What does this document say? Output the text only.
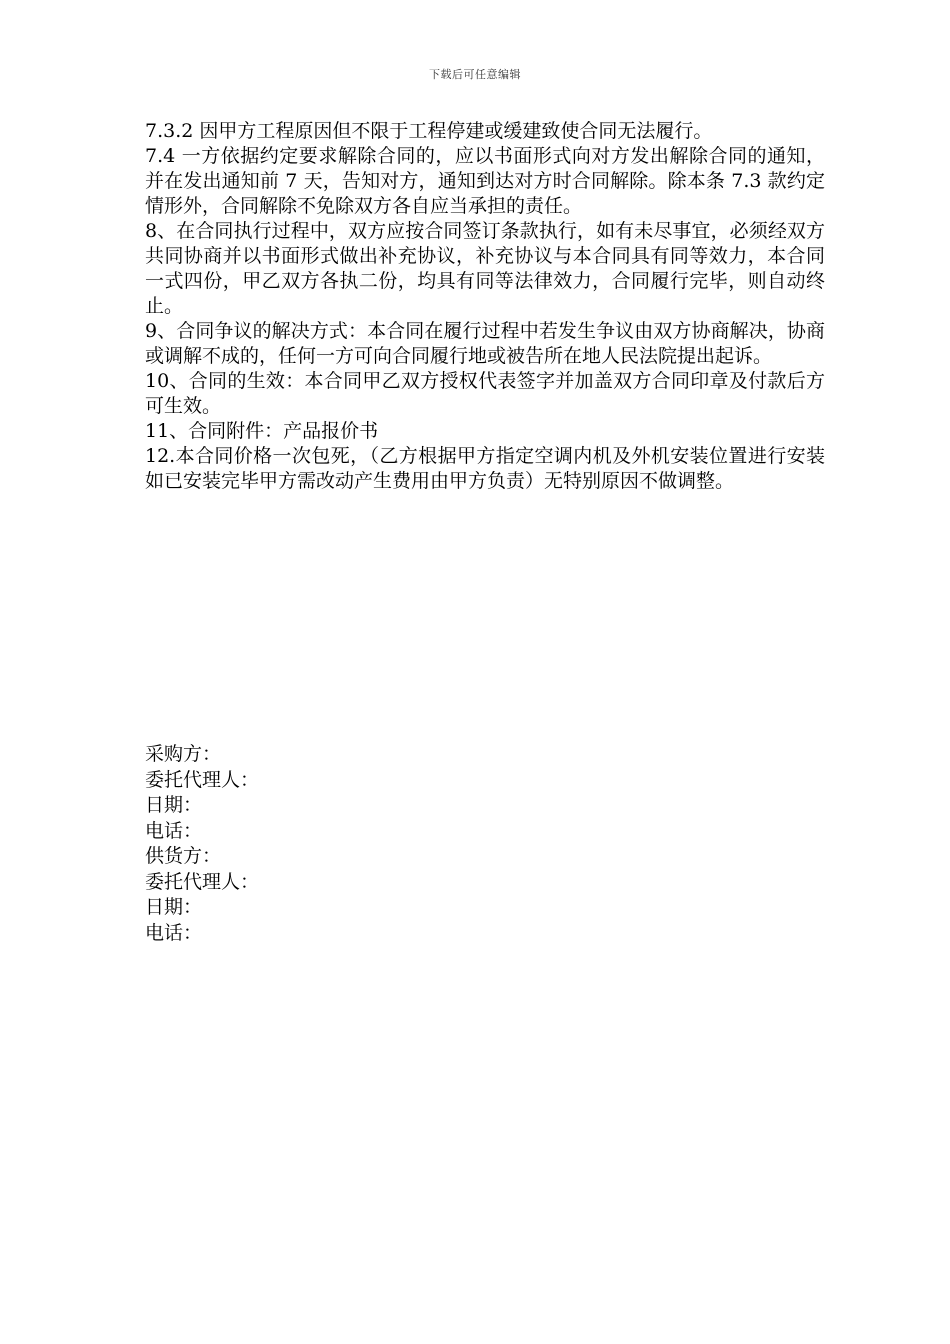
下载后可任意编辑

7.3.2 因甲方工程原因但不限于工程停建或缓建致使合同无法履行。

7.4 一方依据约定要求解除合同的，应以书面形式向对方发出解除合同的通知，并在发出通知前 7 天，告知对方，通知到达对方时合同解除。除本条 7.3 款约定情形外，合同解除不免除双方各自应当承担的责任。

8、在合同执行过程中，双方应按合同签订条款执行，如有未尽事宜，必须经双方共同协商并以书面形式做出补充协议，补充协议与本合同具有同等效力，本合同一式四份，甲乙双方各执二份，均具有同等法律效力，合同履行完毕，则自动终止。

9、合同争议的解决方式：本合同在履行过程中若发生争议由双方协商解决，协商或调解不成的，任何一方可向合同履行地或被告所在地人民法院提出起诉。

10、合同的生效：本合同甲乙双方授权代表签字并加盖双方合同印章及付款后方可生效。

11、合同附件：产品报价书

12.本合同价格一次包死，（乙方根据甲方指定空调内机及外机安装位置进行安装如已安装完毕甲方需改动产生费用由甲方负责）无特别原因不做调整。

采购方：
委托代理人：
日期：
电话：
供货方：
委托代理人：
日期：
电话：
